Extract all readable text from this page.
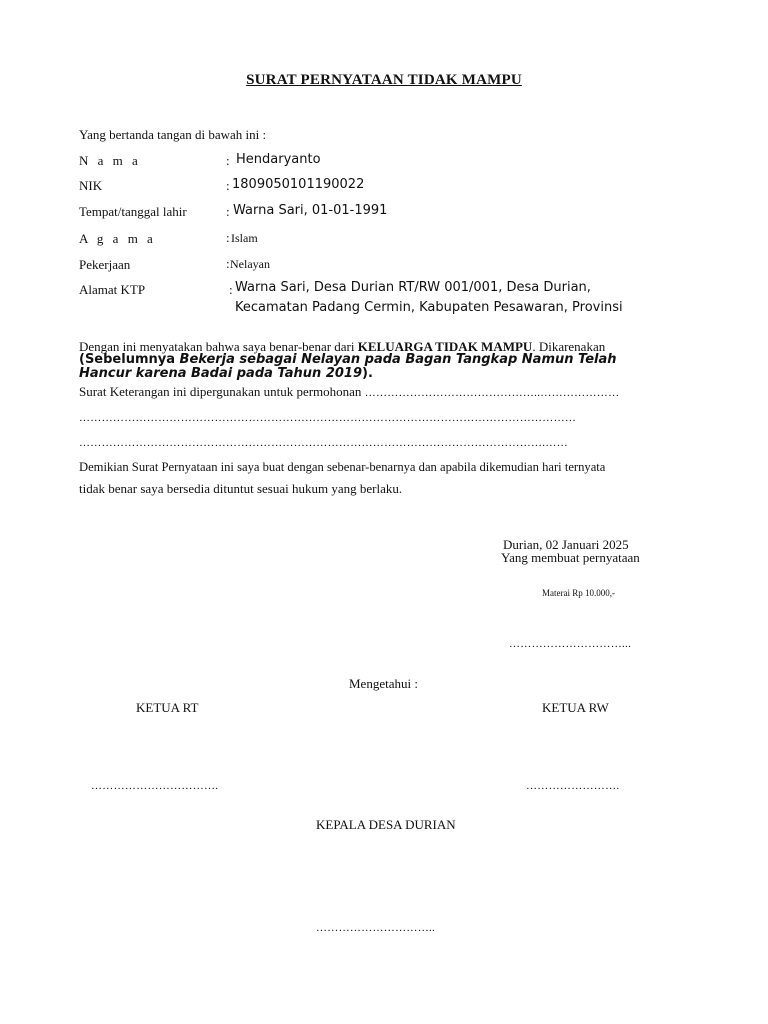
SURAT PERNYATAAN TIDAK MAMPU
Yang bertanda tangan di bawah ini :
N a m a	: Hendaryanto
NIK	: 1809050101190022
Tempat/tanggal lahir	: Warna Sari, 01-01-1991
A g a m a	: Islam
Pekerjaan	: Nelayan
Alamat KTP	: Warna Sari, Desa Durian RT/RW 001/001, Desa Durian,
Kecamatan Padang Cermin, Kabupaten Pesawaran, Provinsi
Dengan ini menyatakan bahwa saya benar-benar dari KELUARGA TIDAK MAMPU. Dikarenakan
(Sebelumnya Bekerja sebagai Nelayan pada Bagan Tangkap Namun Telah
Hancur karena Badai pada Tahun 2019).
Surat Keterangan ini dipergunakan untuk permohonan ………………………………………..…………………
……………………………………………………………………………………………………………………
…………………………………………………………………………………………………………….……
Demikian Surat Pernyataan ini saya buat dengan sebenar-benarnya dan apabila dikemudian hari ternyata
tidak benar saya bersedia dituntut sesuai hukum yang berlaku.
Durian, 02 Januari 2025
Yang membuat pernyataan
Materai Rp 10.000,-
…………………………...
Mengetahui :
KETUA RT	KETUA RW
…………………………….	…………………….
KEPALA DESA DURIAN
…………………………..
